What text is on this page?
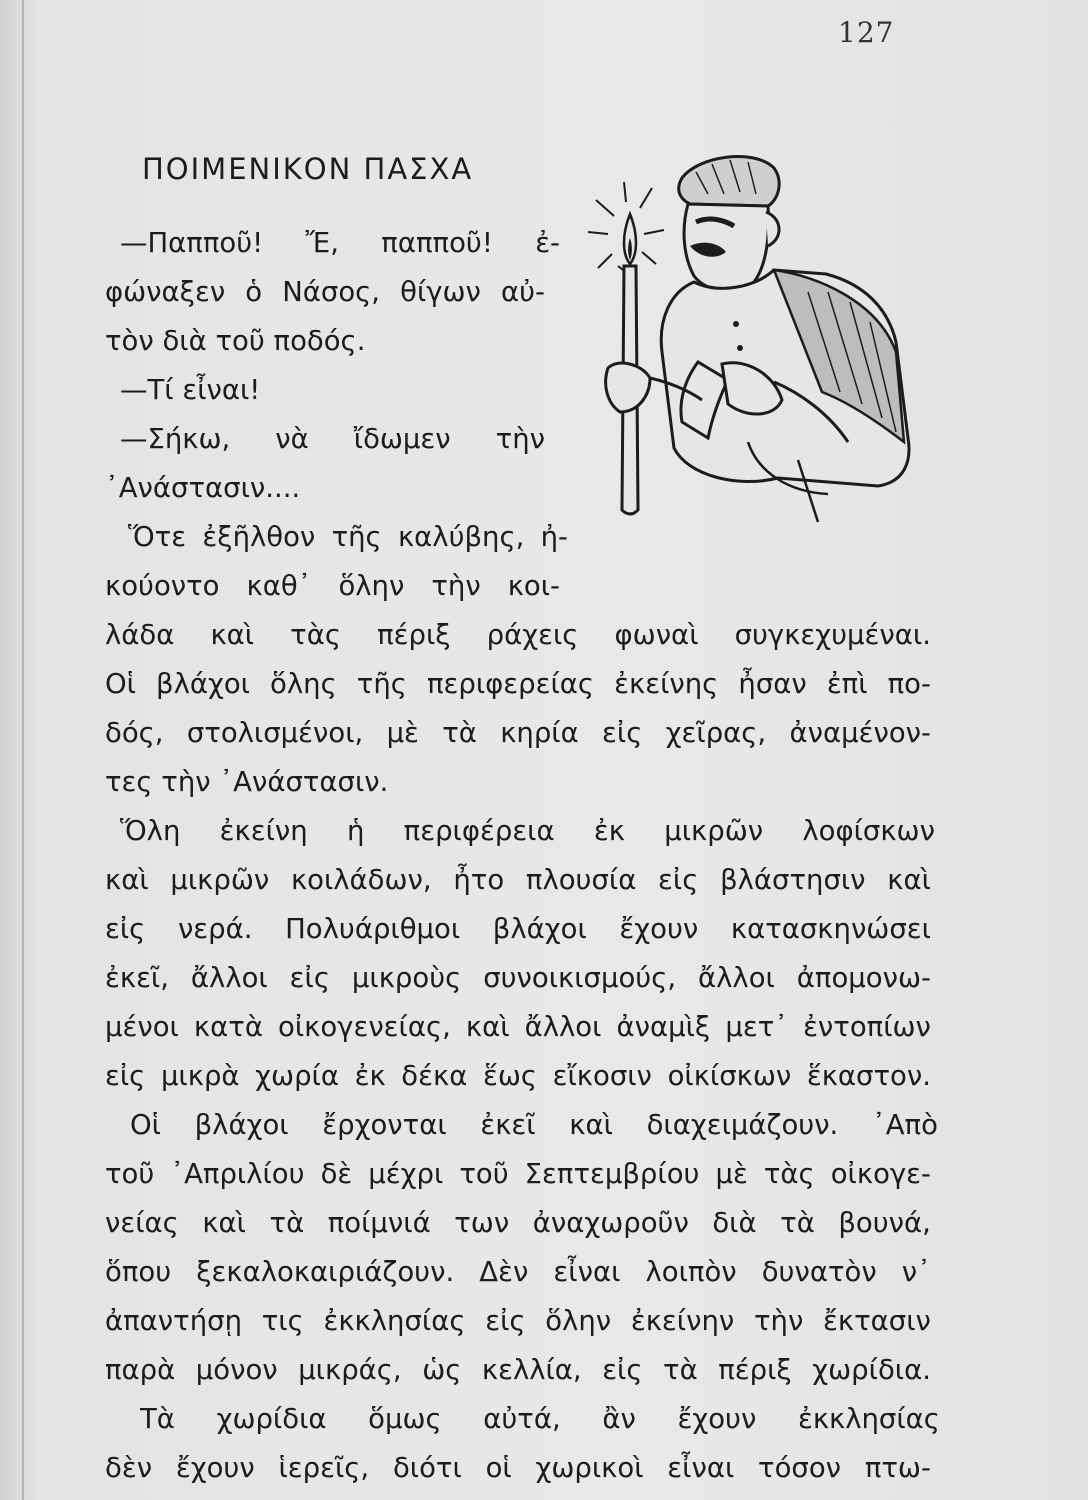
127
ΠΟΙΜΕΝΙΚΟΝ ΠΑΣΧΑ
—Παπποῦ! Ἔ, παπποῦ! ἐ-
φώναξεν ὁ Νάσος, θίγων αὐ-
τὸν διὰ τοῦ ποδός.
—Τί εἶναι!
—Σήκω, νὰ ἴδωμεν τὴν
᾿Ανάστασιν....
Ὅτε ἐξῆλθον τῆς καλύβης, ἠ-
κούοντο καθ᾿ ὅλην τὴν κοι-
λάδα καὶ τὰς πέριξ ράχεις φωναὶ συγκεχυμέναι.
Οἱ βλάχοι ὅλης τῆς περιφερείας ἐκείνης ἦσαν ἐπὶ πο-
δός, στολισμένοι, μὲ τὰ κηρία εἰς χεῖρας, ἀναμένον-
τες τὴν ᾿Ανάστασιν.
Ὅλη ἐκείνη ἡ περιφέρεια ἐκ μικρῶν λοφίσκων
καὶ μικρῶν κοιλάδων, ἦτο πλουσία εἰς βλάστησιν καὶ
εἰς νερά. Πολυάριθμοι βλάχοι ἔχουν κατασκηνώσει
ἐκεῖ, ἄλλοι εἰς μικροὺς συνοικισμούς, ἄλλοι ἀπομονω-
μένοι κατὰ οἰκογενείας, καὶ ἄλλοι ἀναμὶξ μετ᾿ ἐντοπίων
εἰς μικρὰ χωρία ἐκ δέκα ἕως εἴκοσιν οἰκίσκων ἕκαστον.
Οἱ βλάχοι ἔρχονται ἐκεῖ καὶ διαχειμάζουν. ᾿Απὸ
τοῦ ᾿Απριλίου δὲ μέχρι τοῦ Σεπτεμβρίου μὲ τὰς οἰκογε-
νείας καὶ τὰ ποίμνιά των ἀναχωροῦν διὰ τὰ βουνά,
ὅπου ξεκαλοκαιριάζουν. Δὲν εἶναι λοιπὸν δυνατὸν ν᾿
ἀπαντήσῃ τις ἐκκλησίας εἰς ὅλην ἐκείνην τὴν ἔκτασιν
παρὰ μόνον μικράς, ὡς κελλία, εἰς τὰ πέριξ χωρίδια.
Τὰ χωρίδια ὅμως αὐτά, ἂν ἔχουν ἐκκλησίας
δὲν ἔχουν ἱερεῖς, διότι οἱ χωρικοὶ εἶναι τόσον πτω-
